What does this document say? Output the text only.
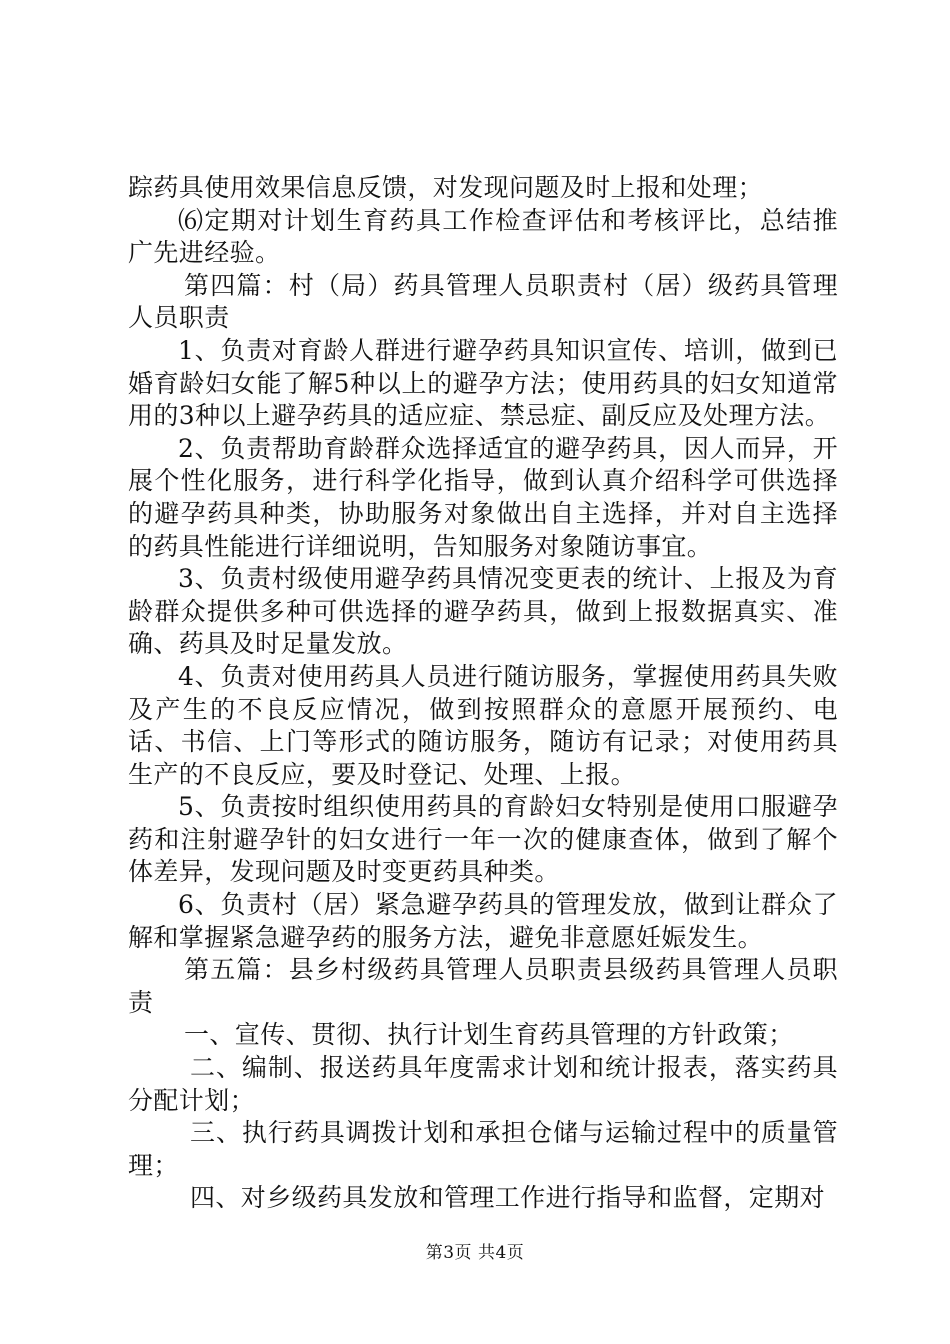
踪药具使用效果信息反馈，对发现问题及时上报和处理；

⑹定期对计划生育药具工作检查评估和考核评比，总结推广先进经验。

第四篇：村（局）药具管理人员职责村（居）级药具管理人员职责

1、负责对育龄人群进行避孕药具知识宣传、培训，做到已婚育龄妇女能了解5种以上的避孕方法；使用药具的妇女知道常用的3种以上避孕药具的适应症、禁忌症、副反应及处理方法。

2、负责帮助育龄群众选择适宜的避孕药具，因人而异，开展个性化服务，进行科学化指导，做到认真介绍科学可供选择的避孕药具种类，协助服务对象做出自主选择，并对自主选择的药具性能进行详细说明，告知服务对象随访事宜。

3、负责村级使用避孕药具情况变更表的统计、上报及为育龄群众提供多种可供选择的避孕药具，做到上报数据真实、准确、药具及时足量发放。

4、负责对使用药具人员进行随访服务，掌握使用药具失败及产生的不良反应情况，做到按照群众的意愿开展预约、电话、书信、上门等形式的随访服务，随访有记录；对使用药具生产的不良反应，要及时登记、处理、上报。

5、负责按时组织使用药具的育龄妇女特别是使用口服避孕药和注射避孕针的妇女进行一年一次的健康查体，做到了解个体差异，发现问题及时变更药具种类。

6、负责村（居）紧急避孕药具的管理发放，做到让群众了解和掌握紧急避孕药的服务方法，避免非意愿妊娠发生。

第五篇：县乡村级药具管理人员职责县级药具管理人员职责

一、宣传、贯彻、执行计划生育药具管理的方针政策；

二、编制、报送药具年度需求计划和统计报表，落实药具分配计划；

三、执行药具调拨计划和承担仓储与运输过程中的质量管理；

四、对乡级药具发放和管理工作进行指导和监督，定期对

第3页 共4页
